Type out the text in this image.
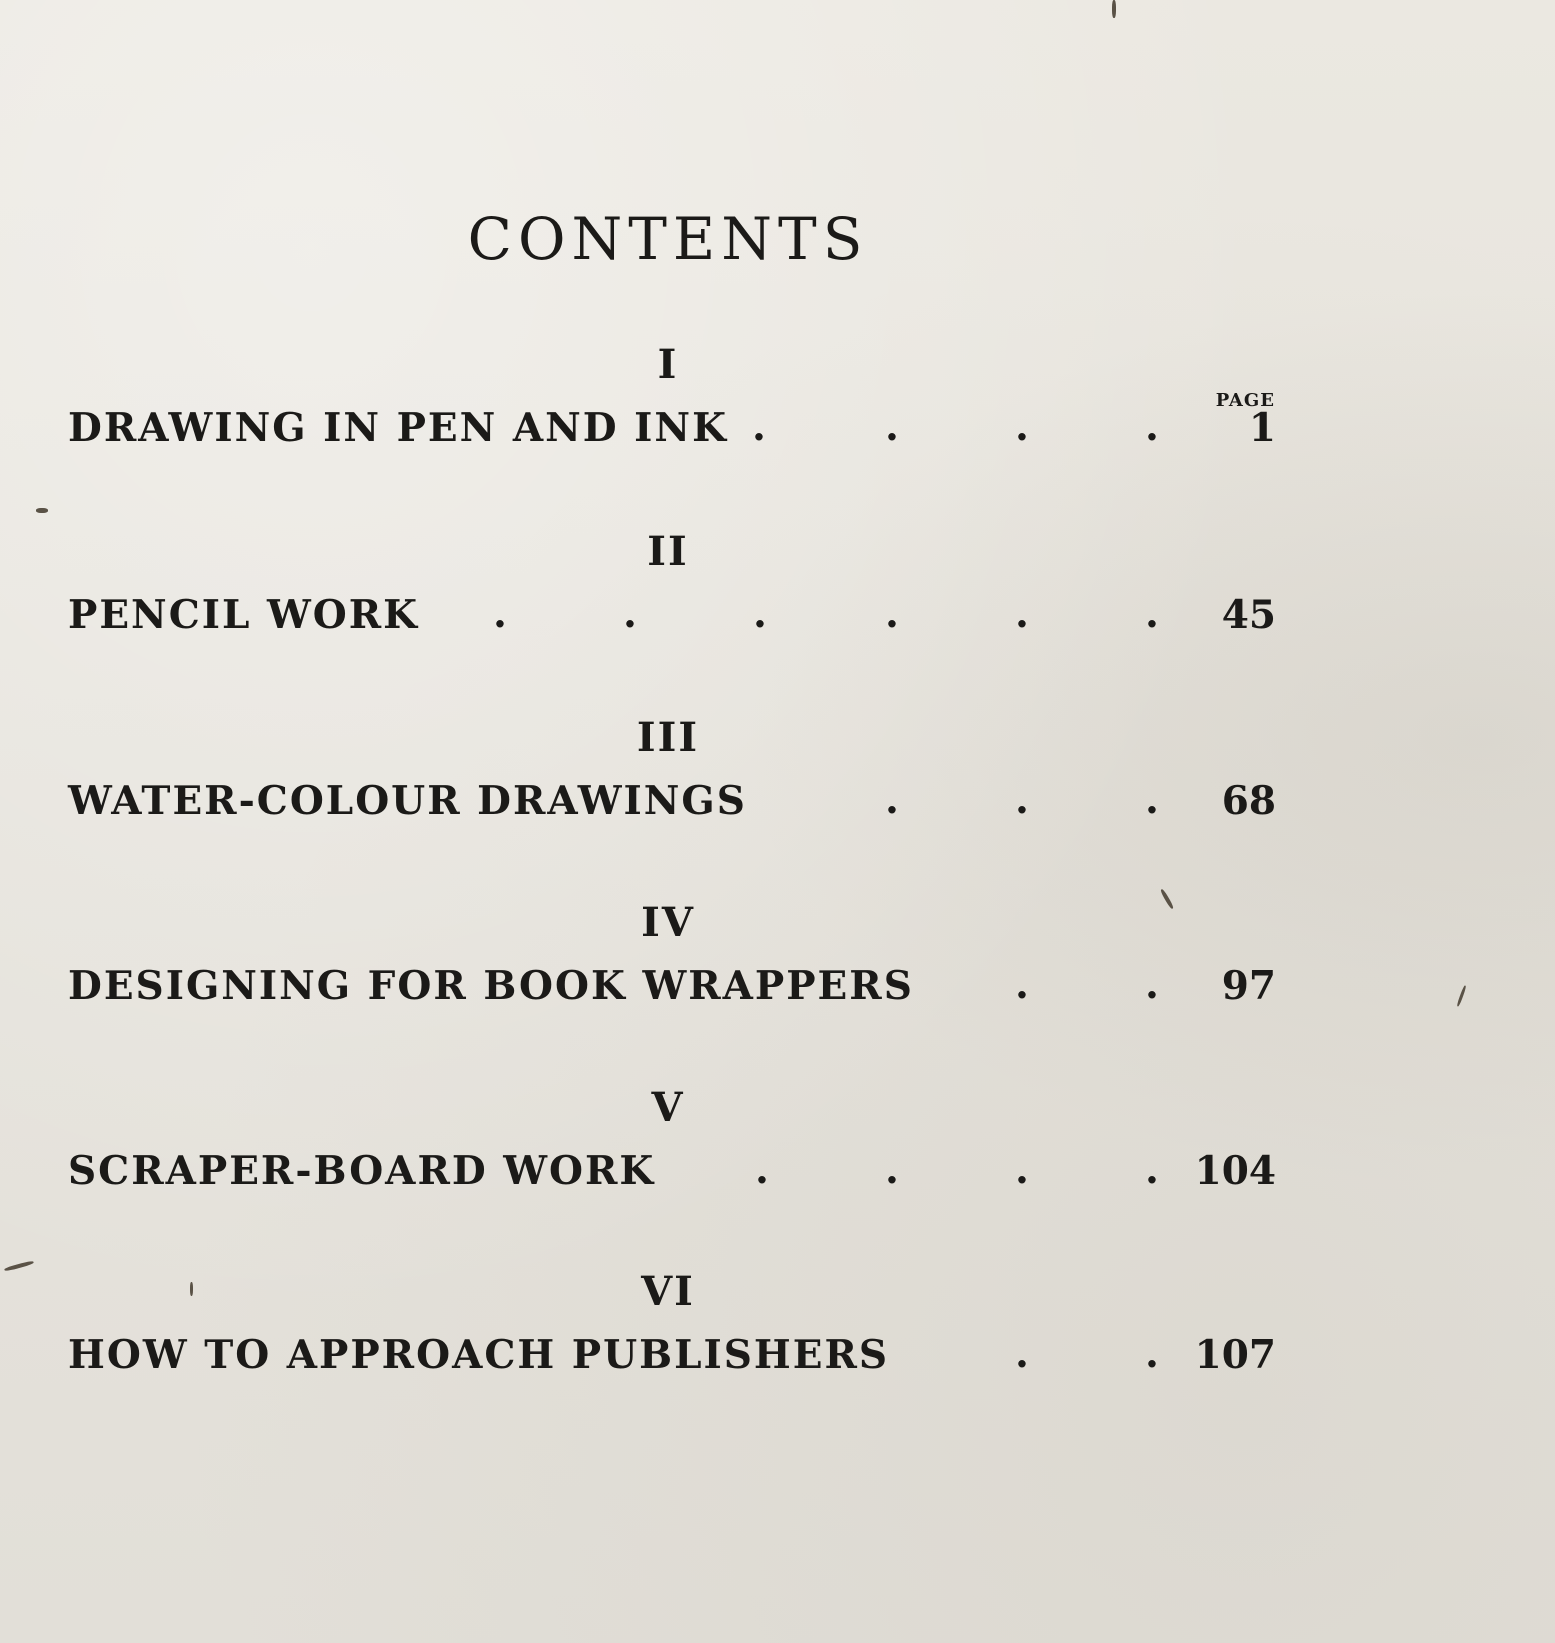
CONTENTS
PAGE
I
DRAWING IN PEN AND INK .	.	.	. 1
II
PENCIL WORK .	.	.	.	.	. 45
III
WATER-COLOUR DRAWINGS	.	.	. 68
IV
DESIGNING FOR BOOK WRAPPERS	.	. 97
V
SCRAPER-BOARD WORK .	.	.	. 104
VI
HOW TO APPROACH PUBLISHERS	.	. 107
